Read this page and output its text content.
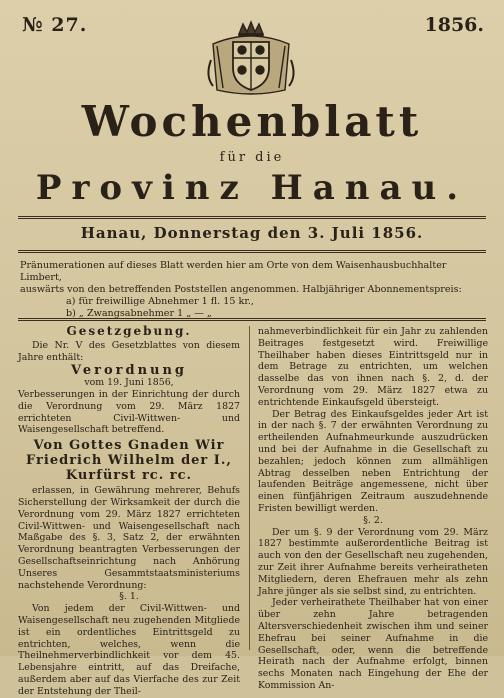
№ 27.	1856.
Wochenblatt
für die
Provinz Hanau.
Hanau, Donnerstag den 3. Juli 1856.
Pränumerationen auf dieses Blatt werden hier am Orte von dem Waisenhausbuchhalter Limbert,
auswärts von den betreffenden Poststellen angenommen. Halbjähriger Abonnementspreis:
a) für freiwillige Abnehmer 1 fl. 15 kr.,
b) „ Zwangsabnehmer 1 „ — „
Gesetzgebung.

Die Nr. V des Gesetzblattes von diesem Jahre enthält:

Verordnung

vom 19. Juni 1856,

Verbesserungen in der Einrichtung der durch die Verordnung vom 29. März 1827 errichteten Civil-Wittwen- und Waisengesellschaft betreffend.

Von Gottes Gnaden Wir Friedrich Wilhelm der I., Kurfürst rc. rc.

erlassen, in Gewährung mehrerer, Behufs Sicherstellung der Wirksamkeit der durch die Verordnung vom 29. März 1827 errichteten Civil-Wittwen- und Waisengesellschaft nach Maßgabe des §. 3, Satz 2, der erwähnten Verordnung beantragten Verbesserungen der Gesellschaftseinrichtung nach Anhörung Unseres Gesammtstaatsministeriums nachstehende Verordnung:

§. 1.

Von jedem der Civil-Wittwen- und Waisengesellschaft neu zugehenden Mitgliede ist ein ordentliches Eintrittsgeld zu entrichten, welches, wenn die Theilnehmerverbindlichkeit vor dem 45. Lebensjahre eintritt, auf das Dreifache, außerdem aber auf das Vierfache des zur Zeit der Entstehung der Theil-

nahmeverbindlichkeit für ein Jahr zu zahlenden Beitrages festgesetzt wird. Freiwillige Theilhaber haben dieses Eintrittsgeld nur in dem Betrage zu entrichten, um welchen dasselbe das von ihnen nach §. 2, d. der Verordnung vom 29. März 1827 etwa zu entrichtende Einkaufsgeld übersteigt.

Der Betrag des Einkaufsgeldes jeder Art ist in der nach §. 7 der erwähnten Verordnung zu ertheilenden Aufnahmeurkunde auszudrücken und bei der Aufnahme in die Gesellschaft zu bezahlen; jedoch können zum allmähligen Abtrag desselben neben Entrichtung der laufenden Beiträge angemessene, nicht über einen fünfjährigen Zeitraum auszudehnende Fristen bewilligt werden.

§. 2.

Der um §. 9 der Verordnung vom 29. März 1827 bestimmte außerordentliche Beitrag ist auch von den der Gesellschaft neu zugehenden, zur Zeit ihrer Aufnahme bereits verheiratheten Mitgliedern, deren Ehefrauen mehr als zehn Jahre jünger als sie selbst sind, zu entrichten.

Jeder verheirathete Theilhaber hat von einer über zehn Jahre betragenden Altersverschiedenheit zwischen ihm und seiner Ehefrau bei seiner Aufnahme in die Gesellschaft, oder, wenn die betreffende Heirath nach der Aufnahme erfolgt, binnen sechs Monaten nach Eingehung der Ehe der Kommission An-
